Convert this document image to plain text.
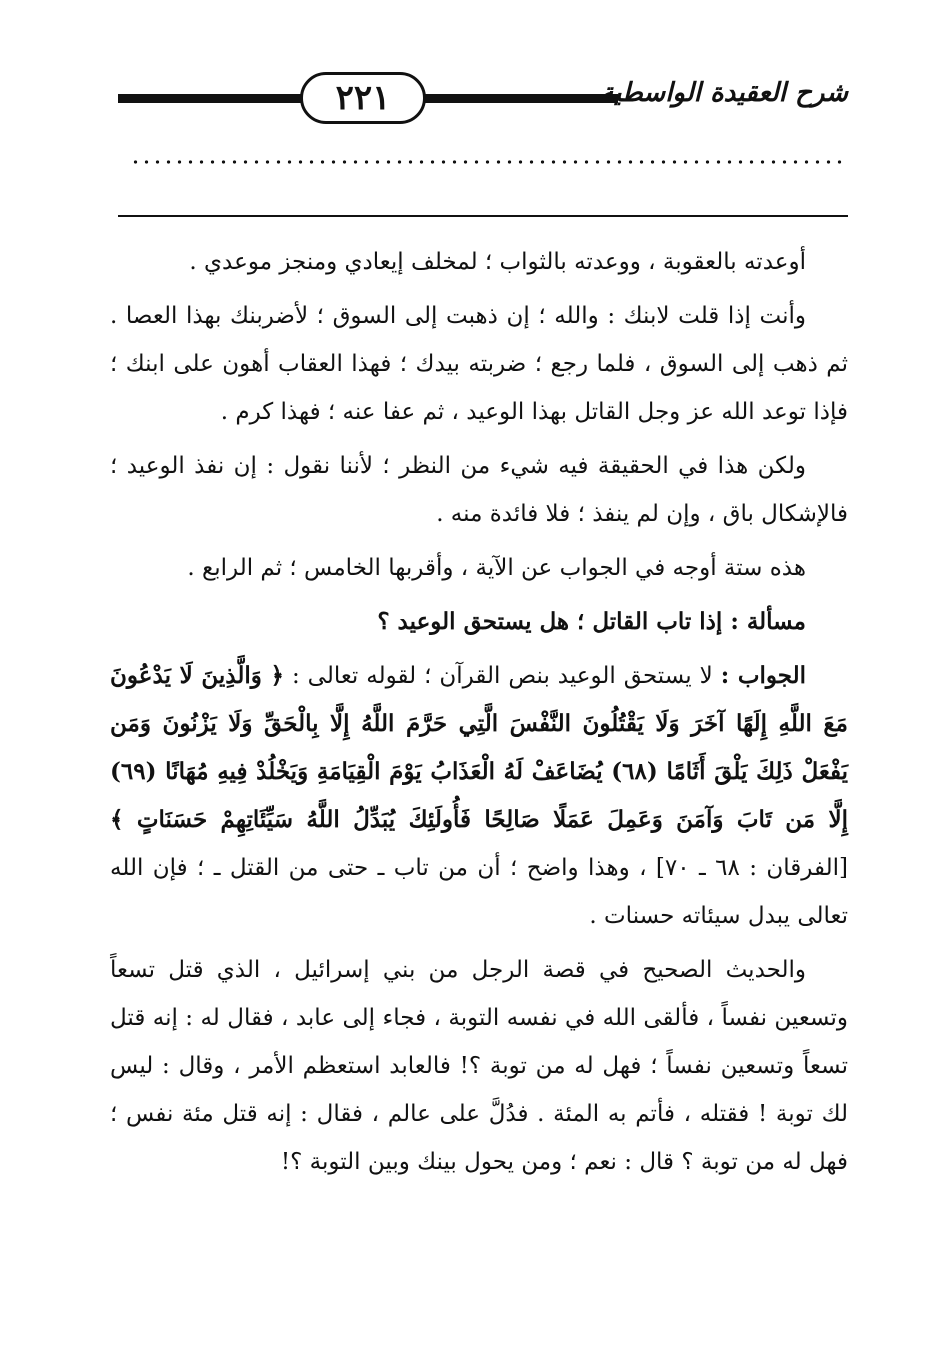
٢٢١	شرح العقيدة الواسطية

أوعدته بالعقوبة ، ووعدته بالثواب ؛ لمخلف إيعادي ومنجز موعدي .

وأنت إذا قلت لابنك : والله ؛ إن ذهبت إلى السوق ؛ لأضربنك بهذا العصا . ثم ذهب إلى السوق ، فلما رجع ؛ ضربته بيدك ؛ فهذا العقاب أهون على ابنك ؛ فإذا توعد الله عز وجل القاتل بهذا الوعيد ، ثم عفا عنه ؛ فهذا كرم .

ولكن هذا في الحقيقة فيه شيء من النظر ؛ لأننا نقول : إن نفذ الوعيد ؛ فالإشكال باق ، وإن لم ينفذ ؛ فلا فائدة منه .

هذه ستة أوجه في الجواب عن الآية ، وأقربها الخامس ؛ ثم الرابع .

مسألة : إذا تاب القاتل ؛ هل يستحق الوعيد ؟

الجواب : لا يستحق الوعيد بنص القرآن ؛ لقوله تعالى : ﴿ وَالَّذِينَ لَا يَدْعُونَ مَعَ اللَّهِ إِلَهًا آخَرَ وَلَا يَقْتُلُونَ النَّفْسَ الَّتِي حَرَّمَ اللَّهُ إِلَّا بِالْحَقِّ وَلَا يَزْنُونَ وَمَن يَفْعَلْ ذَلِكَ يَلْقَ أَثَامًا (٦٨) يُضَاعَفْ لَهُ الْعَذَابُ يَوْمَ الْقِيَامَةِ وَيَخْلُدْ فِيهِ مُهَانًا (٦٩) إِلَّا مَن تَابَ وَآمَنَ وَعَمِلَ عَمَلًا صَالِحًا فَأُولَئِكَ يُبَدِّلُ اللَّهُ سَيِّئَاتِهِمْ حَسَنَاتٍ ﴾ [الفرقان : ٦٨ ـ ٧٠] ، وهذا واضح ؛ أن من تاب ـ حتى من القتل ـ ؛ فإن الله تعالى يبدل سيئاته حسنات .

والحديث الصحيح في قصة الرجل من بني إسرائيل ، الذي قتل تسعاً وتسعين نفساً ، فألقى الله في نفسه التوبة ، فجاء إلى عابد ، فقال له : إنه قتل تسعاً وتسعين نفساً ؛ فهل له من توبة ؟! فالعابد استعظم الأمر ، وقال : ليس لك توبة ! فقتله ، فأتم به المئة . فدُلَّ على عالم ، فقال : إنه قتل مئة نفس ؛ فهل له من توبة ؟ قال : نعم ؛ ومن يحول بينك وبين التوبة ؟!
